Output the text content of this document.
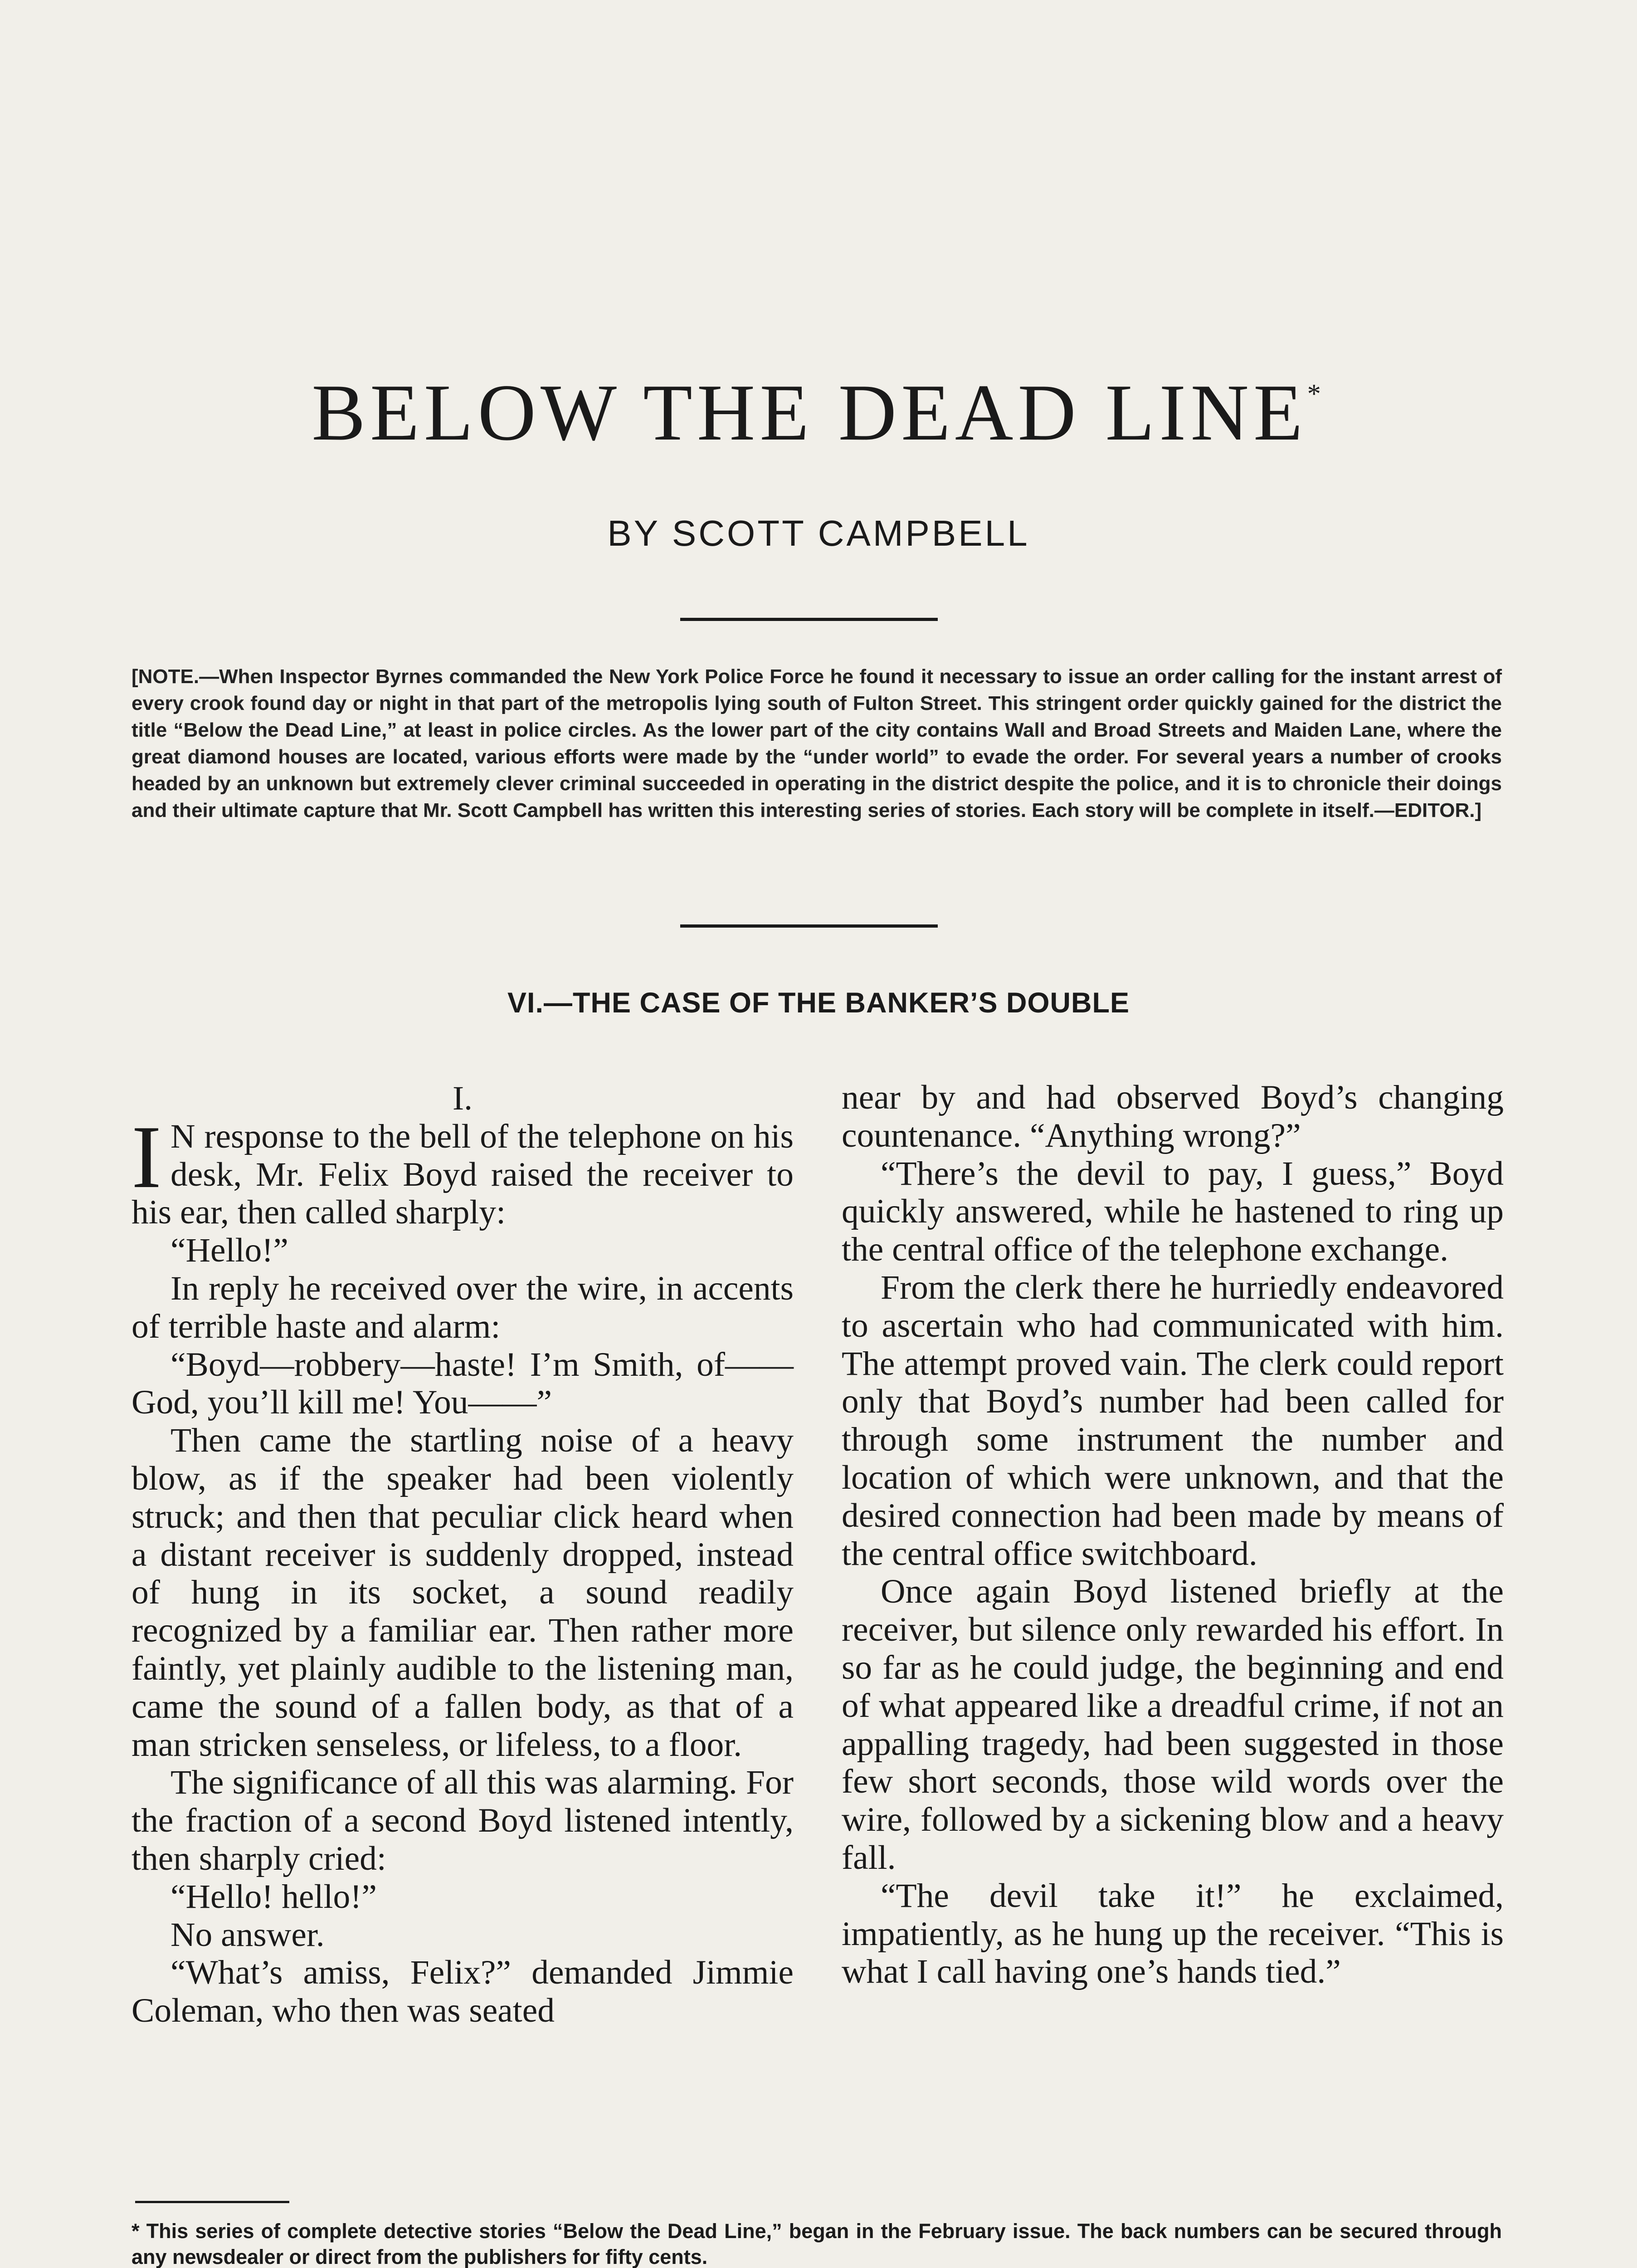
BELOW THE DEAD LINE*
BY SCOTT CAMPBELL
[NOTE.—When Inspector Byrnes commanded the New York Police Force he found it necessary to issue an order calling for the instant arrest of every crook found day or night in that part of the metropolis lying south of Fulton Street. This stringent order quickly gained for the district the title “Below the Dead Line,” at least in police circles. As the lower part of the city contains Wall and Broad Streets and Maiden Lane, where the great diamond houses are located, various efforts were made by the “under world” to evade the order. For several years a number of crooks headed by an unknown but extremely clever criminal succeeded in operating in the district despite the police, and it is to chronicle their doings and their ultimate capture that Mr. Scott Campbell has written this interesting series of stories. Each story will be complete in itself.—EDITOR.]
VI.—THE CASE OF THE BANKER’S DOUBLE

I.

I N response to the bell of the telephone on his desk, Mr. Felix Boyd raised the receiver to his ear, then called sharply:

“Hello!”

In reply he received over the wire, in accents of terrible haste and alarm:

“Boyd—robbery—haste! I’m Smith, of—— God, you’ll kill me! You——”

Then came the startling noise of a heavy blow, as if the speaker had been violently struck; and then that peculiar click heard when a distant receiver is suddenly dropped, instead of hung in its socket, a sound readily recognized by a familiar ear. Then rather more faintly, yet plainly audible to the listening man, came the sound of a fallen body, as that of a man stricken senseless, or lifeless, to a floor.

The significance of all this was alarming. For the fraction of a second Boyd listened intently, then sharply cried:

“Hello! hello!”

No answer.

“What’s amiss, Felix?” demanded Jimmie Coleman, who then was seated

near by and had observed Boyd’s changing countenance. “Anything wrong?”

“There’s the devil to pay, I guess,” Boyd quickly answered, while he hastened to ring up the central office of the telephone exchange.

From the clerk there he hurriedly endeavored to ascertain who had communicated with him. The attempt proved vain. The clerk could report only that Boyd’s number had been called for through some instrument the number and location of which were unknown, and that the desired connection had been made by means of the central office switchboard.

Once again Boyd listened briefly at the receiver, but silence only rewarded his effort. In so far as he could judge, the beginning and end of what appeared like a dreadful crime, if not an appalling tragedy, had been suggested in those few short seconds, those wild words over the wire, followed by a sickening blow and a heavy fall.

“The devil take it!” he exclaimed, impatiently, as he hung up the receiver. “This is what I call having one’s hands tied.”

* This series of complete detective stories “Below the Dead Line,” began in the February issue. The back numbers can be secured through any newsdealer or direct from the publishers for fifty cents.
